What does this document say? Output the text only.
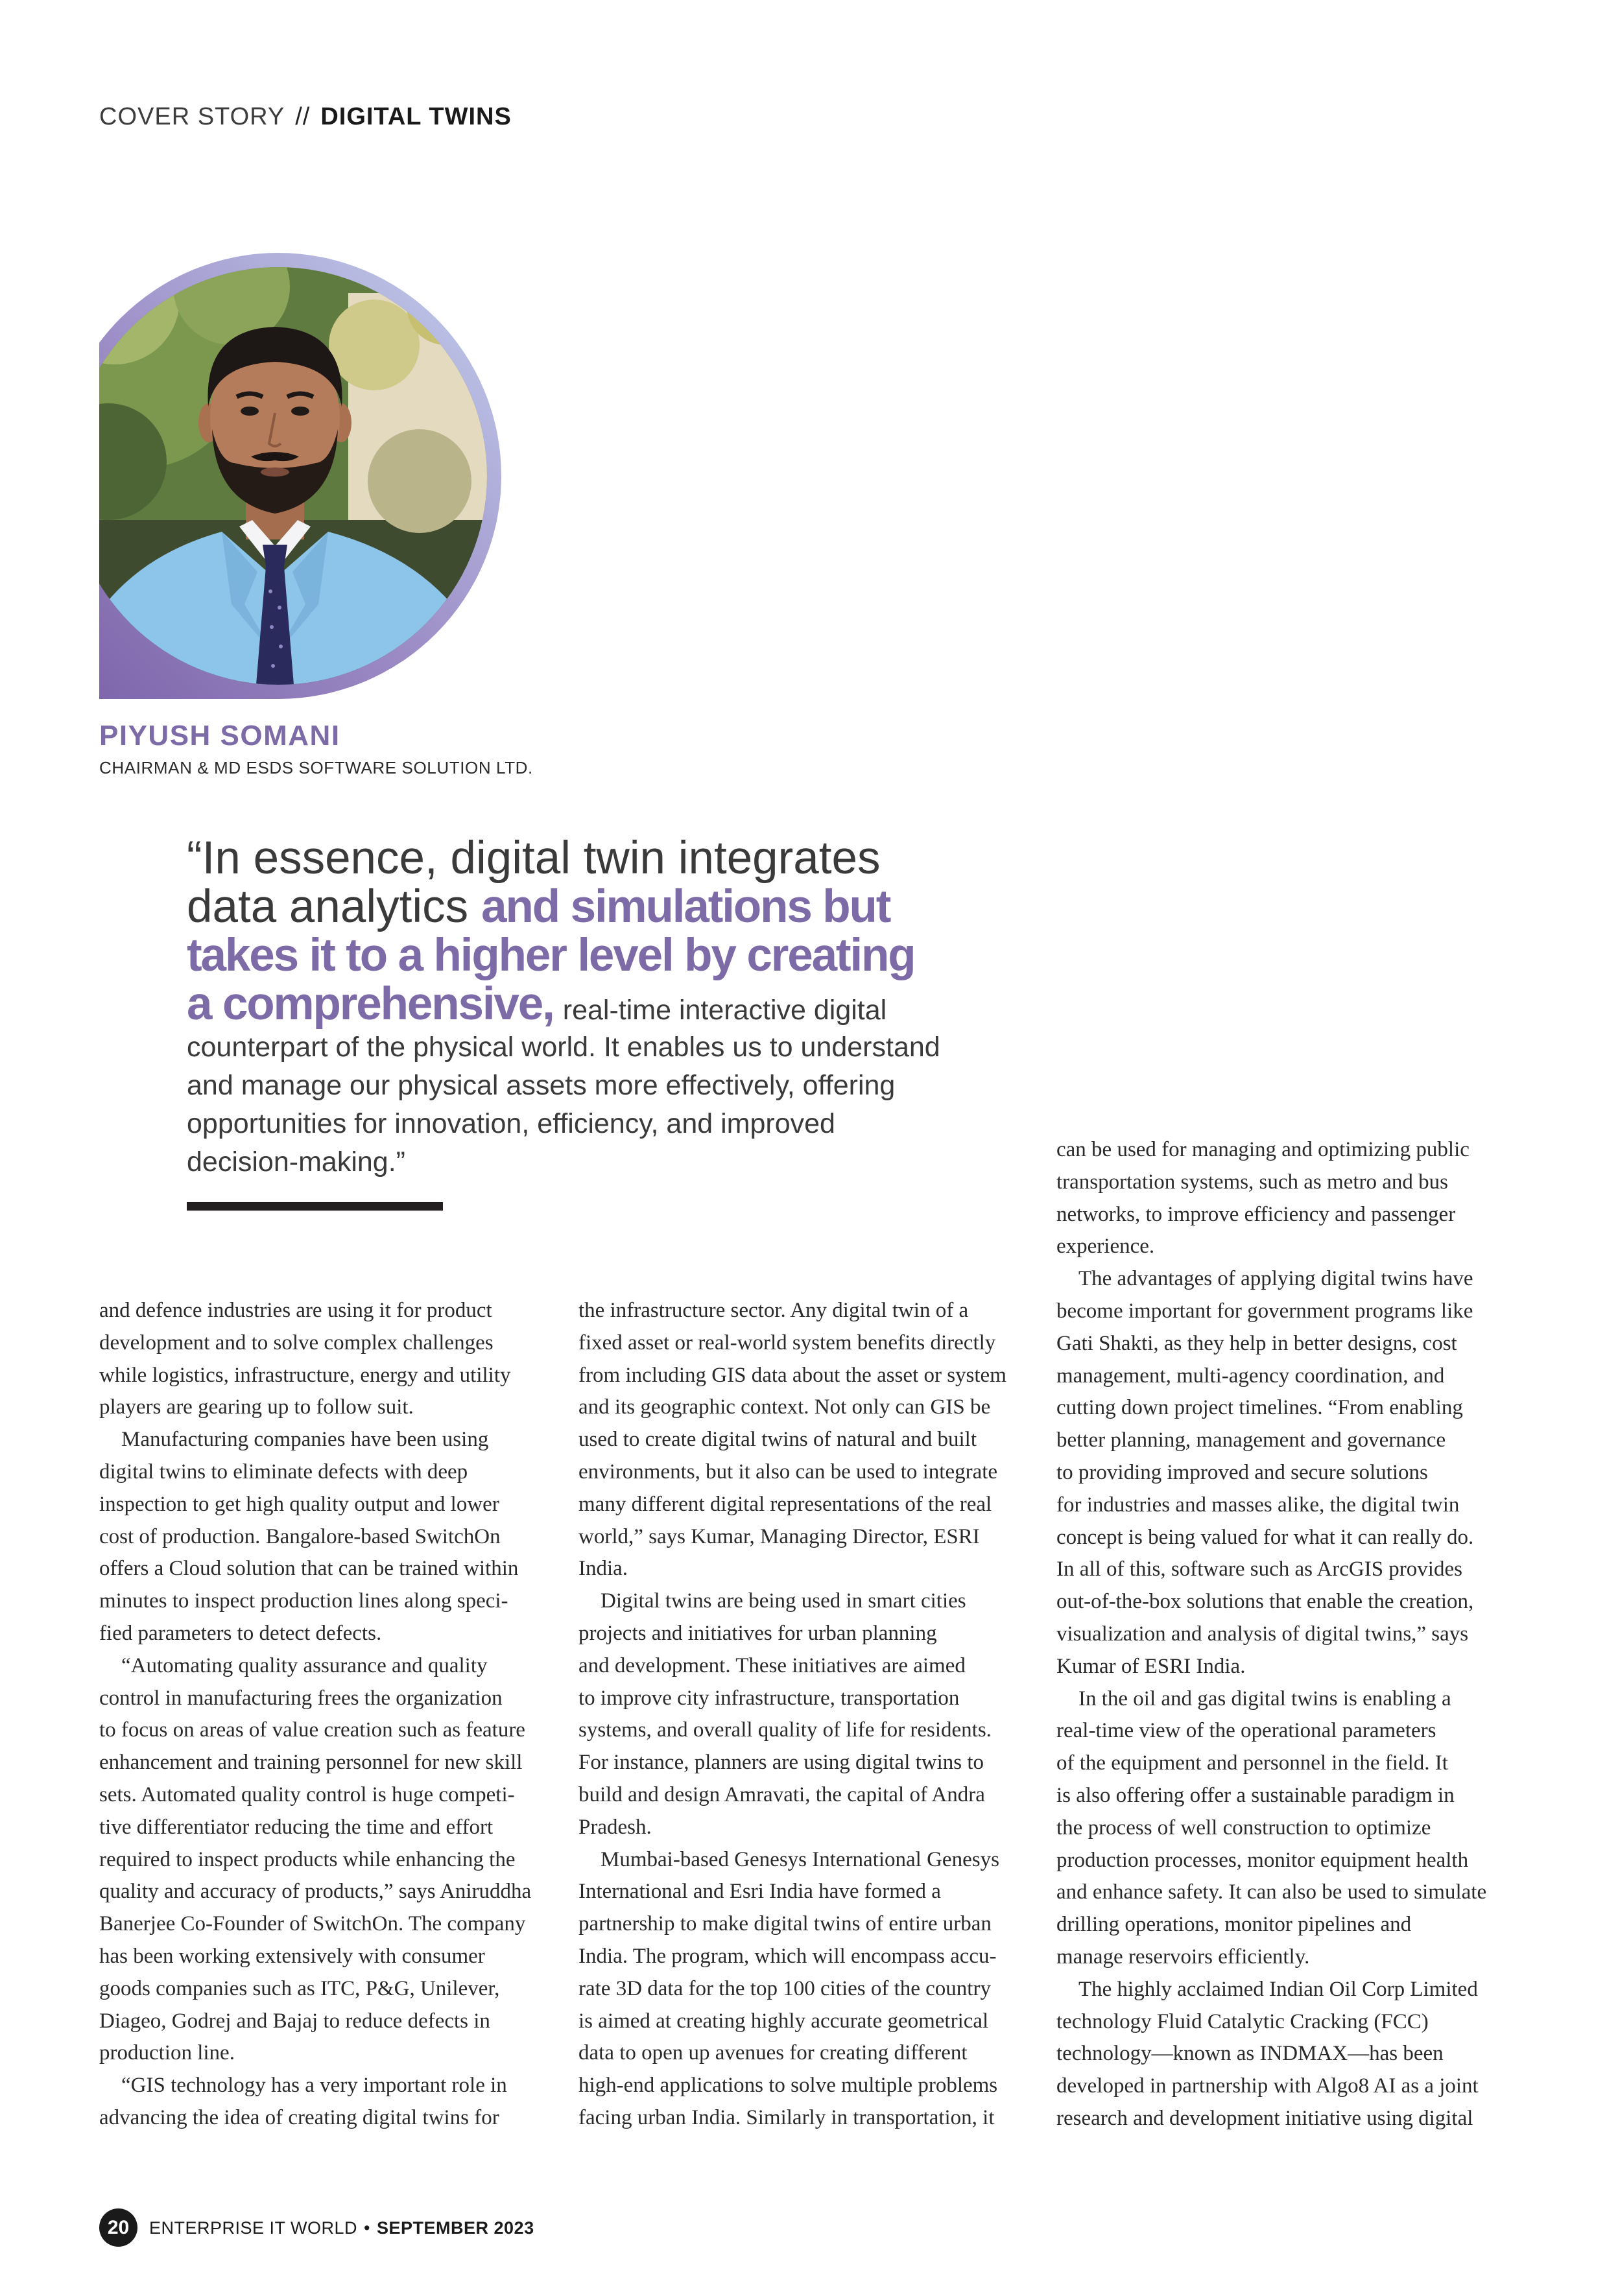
COVER STORY // DIGITAL TWINS
PIYUSH SOMANI
CHAIRMAN & MD ESDS SOFTWARE SOLUTION LTD.
“In essence, digital twin integrates
data analytics and simulations but
takes it to a higher level by creating
a comprehensive, real-time interactive digital
counterpart of the physical world. It enables us to understand
and manage our physical assets more effectively, offering
opportunities for innovation, efficiency, and improved
decision-making.”
and defence industries are using it for product
development and to solve complex challenges
while logistics, infrastructure, energy and utility
players are gearing up to follow suit.
Manufacturing companies have been using
digital twins to eliminate defects with deep
inspection to get high quality output and lower
cost of production. Bangalore-based SwitchOn
offers a Cloud solution that can be trained within
minutes to inspect production lines along speci-
fied parameters to detect defects.
“Automating quality assurance and quality
control in manufacturing frees the organization
to focus on areas of value creation such as feature
enhancement and training personnel for new skill
sets. Automated quality control is huge competi-
tive differentiator reducing the time and effort
required to inspect products while enhancing the
quality and accuracy of products,” says Aniruddha
Banerjee Co-Founder of SwitchOn. The company
has been working extensively with consumer
goods companies such as ITC, P&G, Unilever,
Diageo, Godrej and Bajaj to reduce defects in
production line.
“GIS technology has a very important role in
advancing the idea of creating digital twins for
the infrastructure sector. Any digital twin of a
fixed asset or real-world system benefits directly
from including GIS data about the asset or system
and its geographic context. Not only can GIS be
used to create digital twins of natural and built
environments, but it also can be used to integrate
many different digital representations of the real
world,” says Kumar, Managing Director, ESRI
India.
Digital twins are being used in smart cities
projects and initiatives for urban planning
and development. These initiatives are aimed
to improve city infrastructure, transportation
systems, and overall quality of life for residents.
For instance, planners are using digital twins to
build and design Amravati, the capital of Andra
Pradesh.
Mumbai-based Genesys International Genesys
International and Esri India have formed a
partnership to make digital twins of entire urban
India. The program, which will encompass accu-
rate 3D data for the top 100 cities of the country
is aimed at creating highly accurate geometrical
data to open up avenues for creating different
high-end applications to solve multiple problems
facing urban India. Similarly in transportation, it
can be used for managing and optimizing public
transportation systems, such as metro and bus
networks, to improve efficiency and passenger
experience.
The advantages of applying digital twins have
become important for government programs like
Gati Shakti, as they help in better designs, cost
management, multi-agency coordination, and
cutting down project timelines. “From enabling
better planning, management and governance
to providing improved and secure solutions
for industries and masses alike, the digital twin
concept is being valued for what it can really do.
In all of this, software such as ArcGIS provides
out-of-the-box solutions that enable the creation,
visualization and analysis of digital twins,” says
Kumar of ESRI India.
In the oil and gas digital twins is enabling a
real-time view of the operational parameters
of the equipment and personnel in the field. It
is also offering offer a sustainable paradigm in
the process of well construction to optimize
production processes, monitor equipment health
and enhance safety. It can also be used to simulate
drilling operations, monitor pipelines and
manage reservoirs efficiently.
The highly acclaimed Indian Oil Corp Limited
technology Fluid Catalytic Cracking (FCC)
technology—known as INDMAX—has been
developed in partnership with Algo8 AI as a joint
research and development initiative using digital
20	ENTERPRISE IT WORLD • SEPTEMBER 2023
